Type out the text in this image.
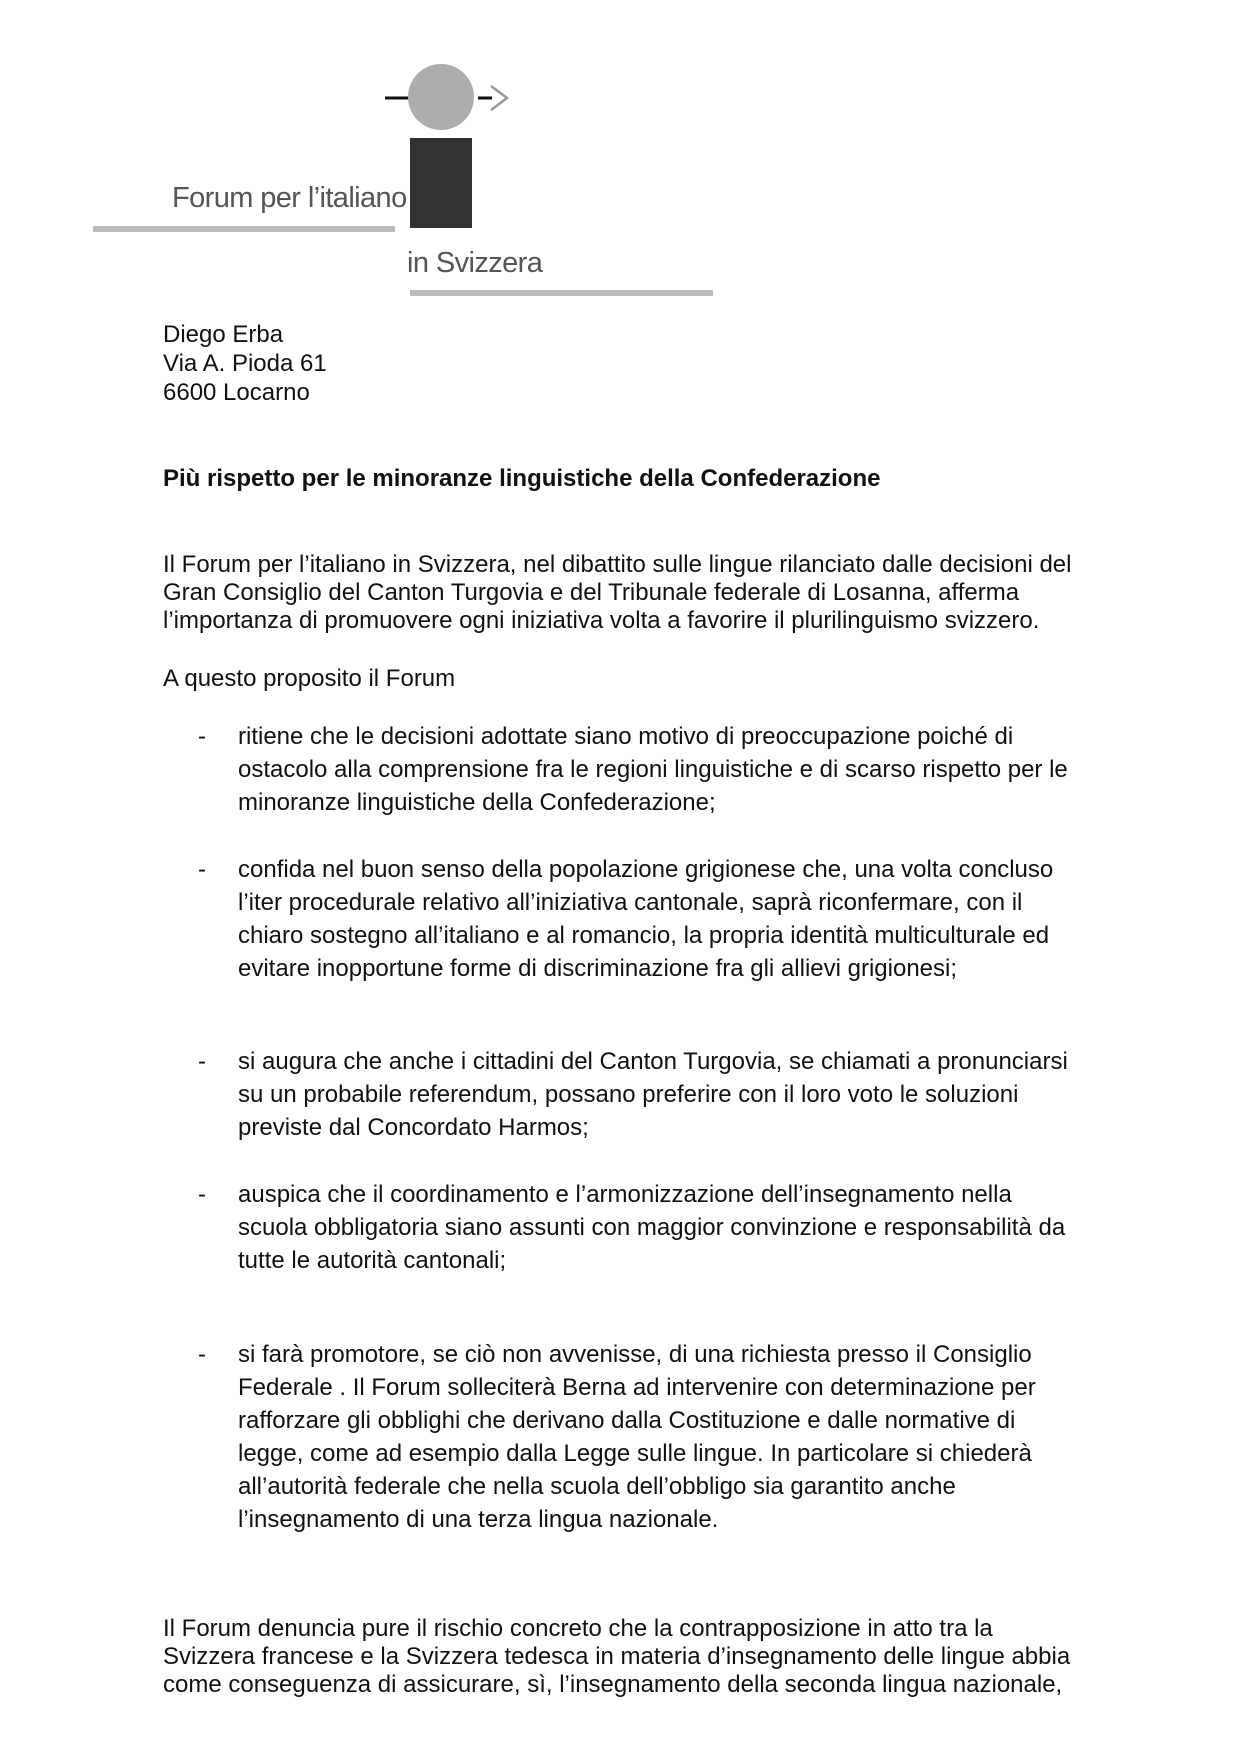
Forum per l’italiano
in Svizzera
Diego Erba
Via A. Pioda 61
6600 Locarno
Più rispetto per le minoranze linguistiche della Confederazione
Il Forum per l’italiano in Svizzera, nel dibattito sulle lingue rilanciato dalle decisioni del
Gran Consiglio del Canton Turgovia e del Tribunale federale di Losanna, afferma
l’importanza di promuovere ogni iniziativa volta a favorire il plurilinguismo svizzero.
A questo proposito il Forum
- ritiene che le decisioni adottate siano motivo di preoccupazione poiché di
ostacolo alla comprensione fra le regioni linguistiche e di scarso rispetto per le
minoranze linguistiche della Confederazione;
- confida nel buon senso della popolazione grigionese che, una volta concluso
l’iter procedurale relativo all’iniziativa cantonale, saprà riconfermare, con il
chiaro sostegno all’italiano e al romancio, la propria identità multiculturale ed
evitare inopportune forme di discriminazione fra gli allievi grigionesi;
- si augura che anche i cittadini del Canton Turgovia, se chiamati a pronunciarsi
su un probabile referendum, possano preferire con il loro voto le soluzioni
previste dal Concordato Harmos;
- auspica che il coordinamento e l’armonizzazione dell’insegnamento nella
scuola obbligatoria siano assunti con maggior convinzione e responsabilità da
tutte le autorità cantonali;
- si farà promotore, se ciò non avvenisse, di una richiesta presso il Consiglio
Federale . Il Forum solleciterà Berna ad intervenire con determinazione per
rafforzare gli obblighi che derivano dalla Costituzione e dalle normative di
legge, come ad esempio dalla Legge sulle lingue. In particolare si chiederà
all’autorità federale che nella scuola dell’obbligo sia garantito anche
l’insegnamento di una terza lingua nazionale.
Il Forum denuncia pure il rischio concreto che la contrapposizione in atto tra la
Svizzera francese e la Svizzera tedesca in materia d’insegnamento delle lingue abbia
come conseguenza di assicurare, sì, l’insegnamento della seconda lingua nazionale,
